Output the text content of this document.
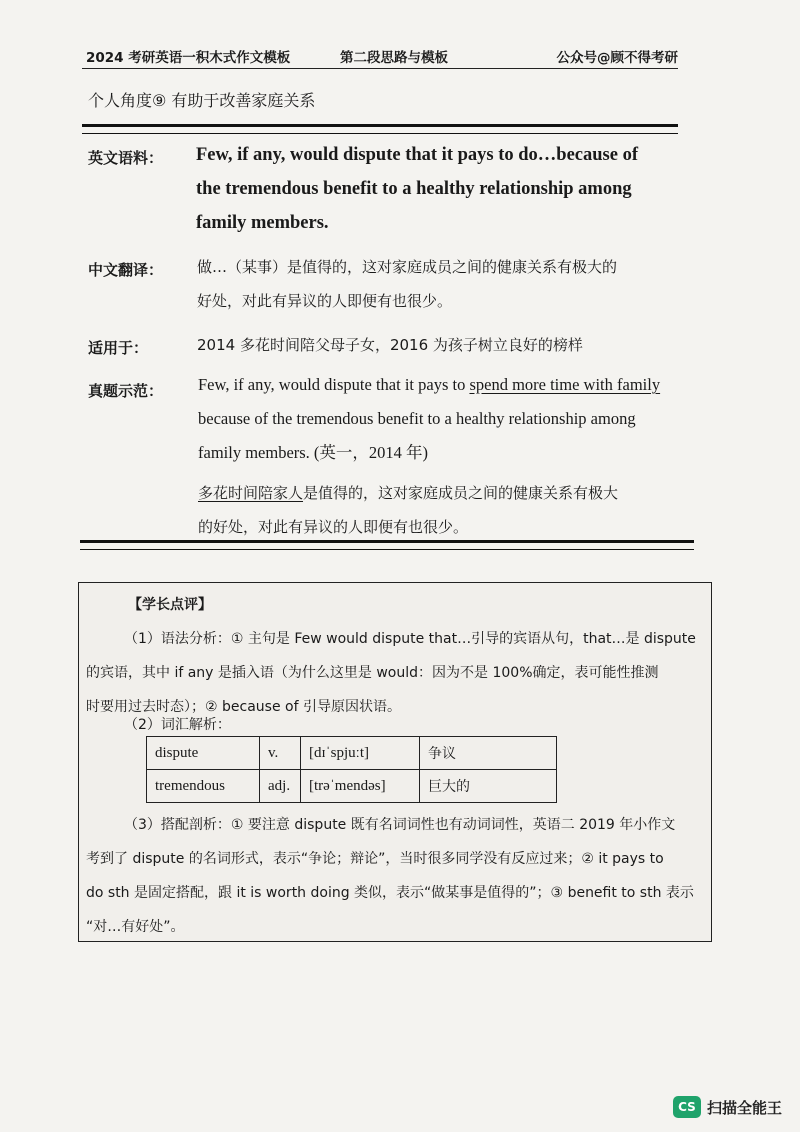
2024 考研英语一积木式作文模板	第二段思路与模板	公众号@顾不得考研
个人角度⑨ 有助于改善家庭关系
英文语料： Few, if any, would dispute that it pays to do…because of
the tremendous benefit to a healthy relationship among
family members.
中文翻译： 做…（某事）是值得的，这对家庭成员之间的健康关系有极大的
好处，对此有异议的人即便有也很少。
适用于：	2014 多花时间陪父母子女，2016 为孩子树立良好的榜样
真题示范： Few, if any, would dispute that it pays to spend more time with family
because of the tremendous benefit to a healthy relationship among
family members. (英一，2014 年)
多花时间陪家人是值得的，这对家庭成员之间的健康关系有极大
的好处，对此有异议的人即便有也很少。
【学长点评】
（1）语法分析：① 主句是 Few would dispute that…引导的宾语从句，that…是 dispute
的宾语，其中 if any 是插入语（为什么这里是 would：因为不是 100%确定，表可能性推测
时要用过去时态）；② because of 引导原因状语。
（2）词汇解析：
dispute	v.	[dɪˈspjuːt]	争议
tremendous	adj.	[trəˈmendəs]	巨大的
（3）搭配剖析：① 要注意 dispute 既有名词词性也有动词词性，英语二 2019 年小作文
考到了 dispute 的名词形式，表示“争论；辩论”，当时很多同学没有反应过来；② it pays to
do sth 是固定搭配，跟 it is worth doing 类似，表示“做某事是值得的”；③ benefit to sth 表示
“对…有好处”。
CS 扫描全能王
